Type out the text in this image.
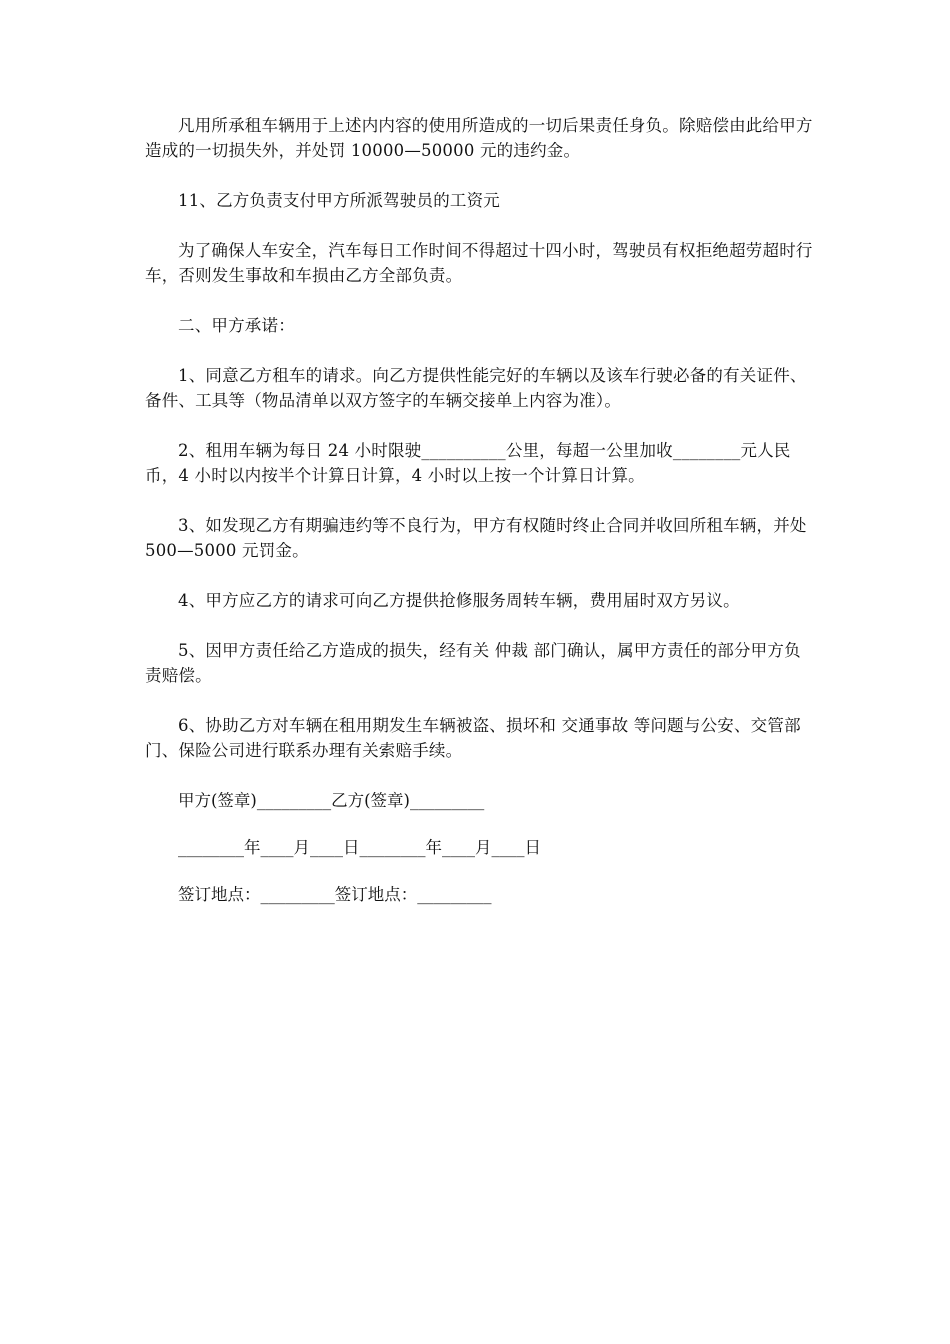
凡用所承租车辆用于上述内内容的使用所造成的一切后果责任身负。除赔偿由此给甲方造成的一切损失外，并处罚 10000—50000 元的违约金。

11、乙方负责支付甲方所派驾驶员的工资元

为了确保人车安全，汽车每日工作时间不得超过十四小时，驾驶员有权拒绝超劳超时行车，否则发生事故和车损由乙方全部负责。

二、甲方承诺：

1、同意乙方租车的请求。向乙方提供性能完好的车辆以及该车行驶必备的有关证件、备件、工具等（物品清单以双方签字的车辆交接单上内容为准）。

2、租用车辆为每日 24 小时限驶__________公里，每超一公里加收________元人民币，4 小时以内按半个计算日计算，4 小时以上按一个计算日计算。

3、如发现乙方有期骗违约等不良行为，甲方有权随时终止合同并收回所租车辆，并处 500—5000 元罚金。

4、甲方应乙方的请求可向乙方提供抢修服务周转车辆，费用届时双方另议。

5、因甲方责任给乙方造成的损失，经有关 仲裁 部门确认，属甲方责任的部分甲方负责赔偿。

6、协助乙方对车辆在租用期发生车辆被盗、损坏和 交通事故 等问题与公安、交管部门、保险公司进行联系办理有关索赔手续。

甲方(签章)_________乙方(签章)_________

________年____月____日________年____月____日

签订地点：_________签订地点：_________
